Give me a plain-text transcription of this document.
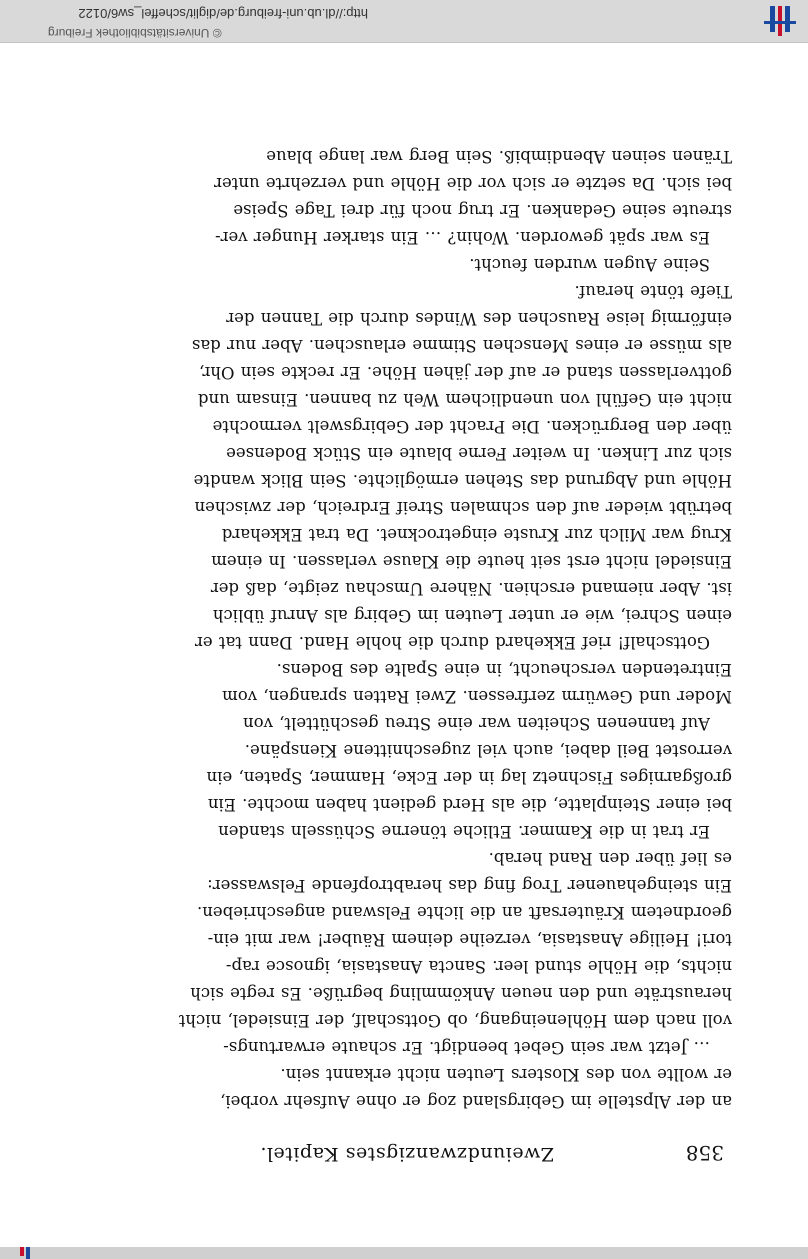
358
Zweiundzwanzigstes Kapitel.

an der Alpstelle im Gebirgsland zog er ohne Aufsehr vorbei,
er wollte von des Klosters Leuten nicht erkannt sein.

… Jetzt war sein Gebet beendigt. Er schaute erwartungs-
voll nach dem Höhleneingang, ob Gottschalf, der Einsiedel, nicht
herausträte und den neuen Ankömmling begrüße. Es regte sich
nichts, die Höhle stund leer. Sancta Anastasia, ignosce rap-
tori! Heilige Anastasia, verzeihe deinem Räuber! war mit ein-
geordnetem Kräutersaft an die lichte Felswand angeschrieben.
Ein steingehauener Trog fing das herabtropfende Felswasser:
es lief über den Rand herab.

Er trat in die Kammer. Etliche tönerne Schüsseln standen
bei einer Steinplatte, die als Herd gedient haben mochte. Ein
großgarniges Fischnetz lag in der Ecke, Hammer, Spaten, ein
verrostet Beil dabei, auch viel zugeschnittene Kienspäne.

Auf tannenen Scheiten war eine Streu geschüttelt, von
Moder und Gewürm zerfressen. Zwei Ratten sprangen, vom
Eintretenden verscheucht, in eine Spalte des Bodens.

Gottschalf! rief Ekkehard durch die hohle Hand. Dann tat er
einen Schrei, wie er unter Leuten im Gebirg als Anruf üblich
ist. Aber niemand erschien. Nähere Umschau zeigte, daß der
Einsiedel nicht erst seit heute die Klause verlassen. In einem
Krug war Milch zur Kruste eingetrocknet. Da trat Ekkehard
betrübt wieder auf den schmalen Streif Erdreich, der zwischen
Höhle und Abgrund das Stehen ermöglichte. Sein Blick wandte
sich zur Linken. In weiter Ferne blaute ein Stück Bodensee
über den Bergrücken. Die Pracht der Gebirgswelt vermochte
nicht ein Gefühl von unendlichem Weh zu bannen. Einsam und
gottverlassen stand er auf der jähen Höhe. Er reckte sein Ohr,
als müsse er eines Menschen Stimme erlauschen. Aber nur das
einförmig leise Rauschen des Windes durch die Tannen der
Tiefe tönte herauf.

Seine Augen wurden feucht.

Es war spät geworden. Wohin? … Ein starker Hunger ver-
streute seine Gedanken. Er trug noch für drei Tage Speise
bei sich. Da setzte er sich vor die Höhle und verzehrte unter
Tränen seinen Abendimbiß. Sein Berg war lange blaue

© Universitätsbibliothek Freiburg
http://dl.ub.uni-freiburg.de/diglit/scheffel_sw6/0122
